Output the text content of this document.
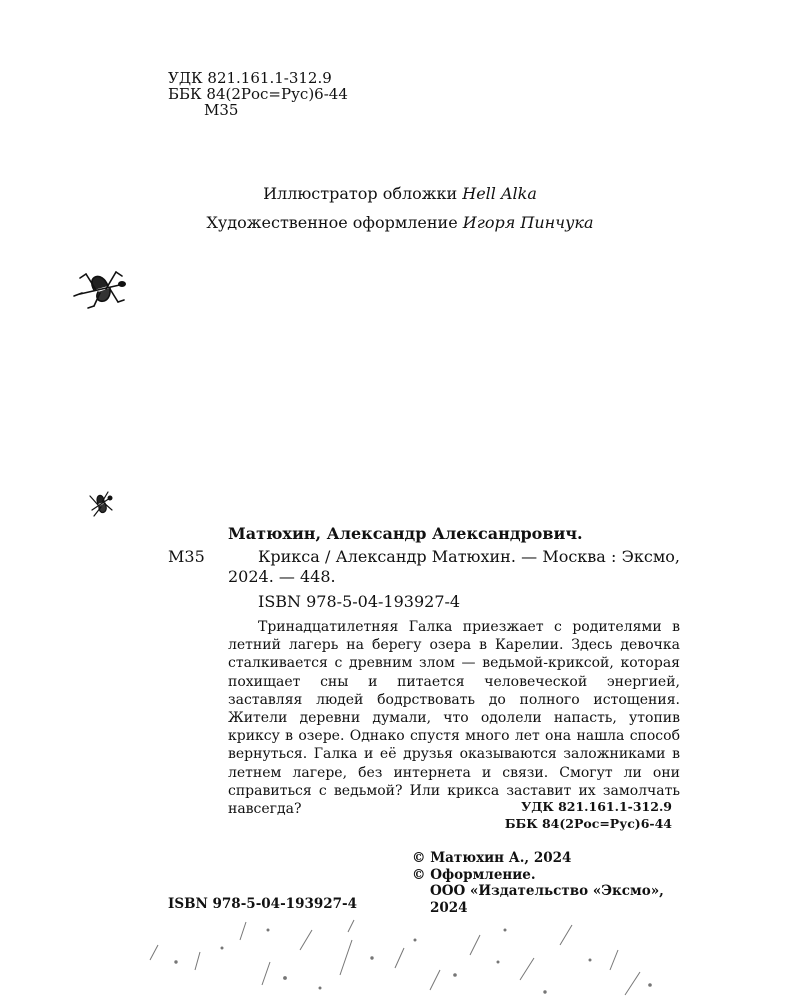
УДК 821.161.1-312.9
ББК 84(2Рос=Рус)6-44
М35
Иллюстратор обложки Hell Alka
Художественное оформление Игоря Пинчука
Матюхин, Александр Александрович.
М35	Крикса / Александр Матюхин. — Москва : Эксмо, 2024. — 448.
ISBN 978-5-04-193927-4
Тринадцатилетняя Галка приезжает с родителями в летний лагерь на берегу озера в Карелии. Здесь девочка сталкивается с древним злом — ведьмой-криксой, которая похищает сны и питается человеческой энергией, заставляя людей бодрствовать до полного истощения. Жители деревни думали, что одолели напасть, утопив криксу в озере. Однако спустя много лет она нашла способ вернуться. Галка и её друзья оказываются заложниками в летнем лагере, без интернета и связи. Смогут ли они справиться с ведьмой? Или крикса заставит их замолчать навсегда?	УДК 821.161.1-312.9
ББК 84(2Рос=Рус)6-44
© Матюхин А., 2024
© Оформление.
ООО «Издательство «Эксмо»,
2024
ISBN 978-5-04-193927-4
